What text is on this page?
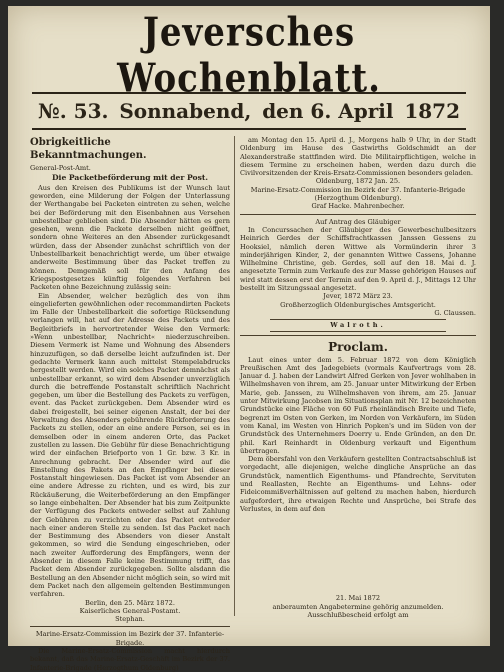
Jeversches Wochenblatt.
№. 53. Sonnabend, den 6. April 1872
Obrigkeitliche Bekanntmachungen.
General-Post-Amt.
Die Packetbeförderung mit der Post.

Aus den Kreisen des Publikums ist der Wunsch laut geworden, eine Milderung der Folgen der Unterlassung der Werthangabe bei Packeten eintreten zu sehen, welche bei der Beförderung mit den Eisenbahnen aus Versehen unbestellbar geblieben sind. Die Absender hätten es gern gesehen, wenn die Packete derselben nicht geöffnet, sondern ohne Weiteres an den Absender zurückgesandt würden, dass der Absender zunächst schriftlich von der Unbestellbarkeit benachrichtigt werde, um über etwaige anderweite Bestimmung über das Packet treffen zu können. Demgemäß soll für den Anfang des Kriegspostgesetzes künftig folgendes Verfahren bei Packeten ohne Bezeichnung zulässig sein:

Ein Absender, welcher bezüglich des von ihm eingelieferten gewöhnlichen oder recommandirten Packets im Falle der Unbestellbarkeit die sofortige Rücksendung verlangen will, hat auf der Adresse des Packets und des Begleitbriefs in hervortretender Weise den Vermerk: »Wenn unbestellbar, Nachricht« niederzuschreiben. Diesem Vermerk ist Name und Wohnung des Absenders hinzuzufügen, so daß derselbe leicht aufzufinden ist. Der gedachte Vermerk kann auch mittelst Stempelabdrucks hergestellt werden. Wird ein solches Packet demnächst als unbestellbar erkannt, so wird dem Absender unverzüglich durch die betreffende Postanstalt schriftlich Nachricht gegeben, um über die Bestellung des Packets zu verfügen, event. das Packet zurückgeben. Dem Absender wird es dabei freigestellt, bei seiner eigenen Anstalt, der bei der Verwaltung des Absenders gebührende Rückforderung des Packets zu stellen, oder an eine andere Person, sei es in demselben oder in einem anderen Orte, das Packet zustellen zu lassen. Die Gebühr für diese Benachrichtigung wird der einfachen Briefporto von 1 Gr. bzw. 3 Kr. in Anrechnung gebracht. Der Absender wird auf die Einstellung des Pakets an den Empfänger bei dieser Postanstalt hingewiesen. Das Packet ist vom Absender an eine andere Adresse zu richten, und es wird, bis zur Rückäußerung, die Weiterbeförderung an den Empfänger so lange einbehalten. Der Absender hat bis zum Zeitpunkte der Verfügung des Packets entweder selbst auf Zahlung der Gebühren zu verzichten oder das Packet entweder nach einer anderen Stelle zu senden. Ist das Packet nach der Bestimmung des Absenders von dieser Anstalt gekommen, so wird die Sendung eingeschrieben, oder nach zweiter Aufforderung des Empfängers, wenn der Absender in diesem Falle keine Bestimmung trifft, das Packet dem Absender zurückgegeben. Sollte alsdann die Bestellung an den Absender nicht möglich sein, so wird mit dem Packet nach den allgemein geltenden Bestimmungen verfahren.

Berlin, den 25. März 1872.

Kaiserliches General-Postamt.

Stephan.

Marine-Ersatz-Commission im Bezirk der 37. Infanterie-Brigade.

Die Marine-Ersatz-Commission macht hierdurch bekannt, daß das Marine-Ersatz-Geschäft im Bezirk der 37. Infanterie-Brigade (Herzogthum Oldenburg)

am Montag den 15. April d. J., Morgens halb 9 Uhr, in der Stadt Oldenburg im Hause des Gastwirths Goldschmidt an der Alexanderstraße stattfinden wird. Die Militairpflichtigen, welche in diesem Termine zu erscheinen haben, werden dazu durch die Civilvorsitzenden der Kreis-Ersatz-Commissionen besonders geladen.

Oldenburg, 1872 Jan. 25.

Marine-Ersatz-Commission im Bezirk der 37. Infanterie-Brigade (Herzogthum Oldenburg).

Graf Hacke. Mahrenbecher.

Auf Antrag des Gläubiger

In Concurssachen der Gläubiger des Gewerbeschulbesitzers Heinrich Gerdes der Schiffsfrachtkassen Janssen Gessens zu Hooksiel, nämlich deren Wittwe als Vormünderin ihrer 3 minderjährigen Kinder, 2, der genannten Wittwe Cassens, Johanne Wilhelmine Christine, geb. Gerdes, soll auf den 18. Mai d. J. angesetzte Termin zum Verkaufe des zur Masse gehörigen Hauses auf wird statt dessen erst der Termin auf den 9. April d. J., Mittags 12 Uhr bestellt im Sitzungssaal angesetzt.

Jever, 1872 März 23.

Großherzoglich Oldenburgisches Amtsgericht.

G. Claussen.

Walroth.
Proclam.

Laut eines unter dem 5. Februar 1872 von dem Königlich Preußischen Amt des Jadegebiets (vormals Kaufvertrags vom 28. Januar d. J. haben der Landwirt Alfred Gerken von Jever wohlhaben in Wilhelmshaven von ihrem, am 25. Januar unter Mitwirkung der Erben Marie, geb. Janssen, zu Wilhelmshaven von ihrem, am 25. Januar unter Mitwirkung Jacobsen im Situationsplan mit Nr. 12 bezeichneten Grundstücke eine Fläche von 60 Fuß rheinländisch Breite und Tiefe, begrenzt im Osten von Gerken, im Norden von Verkäufern, im Süden vom Kanal, im Westen von Hinrich Popken's und im Süden von der Grundstück des Unternehmers Doerry u. Ende Gründen, an den Dr. phil. Karl Reinhardt in Oldenburg verkauft und Eigenthum übertragen.

Dem öbersfahl von den Verkäufern gestellten Contractsabschluß ist vorgedacht, alle diejenigen, welche dingliche Ansprüche an das Grundstück, namentlich Eigenthums- und Pfandrechte, Servituten und Reallasten, Rechte an Eigenthums- und Lehns- oder Fideicommißverhältnissen auf geltend zu machen haben, hierdurch aufgefordert, ihre etwaigen Rechte und Ansprüche, bei Strafe des Verlustes, in dem auf den

21. Mai 1872
anberaumten Angabetermine gehörig anzumelden.
Ausschlußbescheid erfolgt am
